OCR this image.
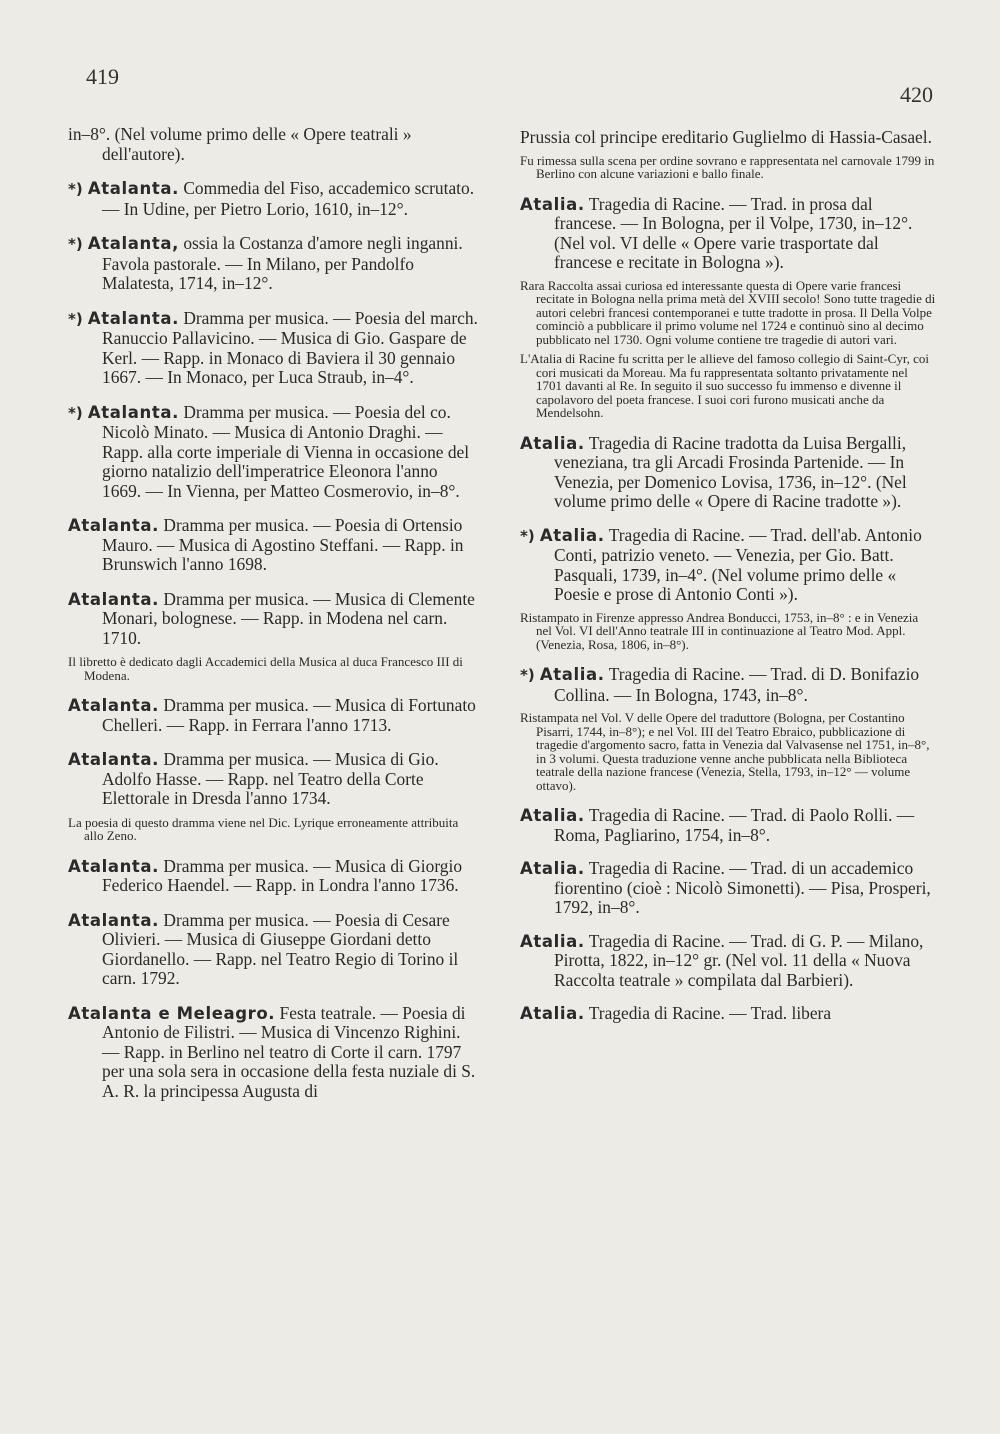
419
420
in–8°. (Nel volume primo delle « Opere teatrali » dell'autore).
*) Atalanta. Commedia del Fiso, accademico scrutato. — In Udine, per Pietro Lorio, 1610, in–12°.
*) Atalanta, ossia la Costanza d'amore negli inganni. Favola pastorale. — In Milano, per Pandolfo Malatesta, 1714, in–12°.
*) Atalanta. Dramma per musica. — Poesia del march. Ranuccio Pallavicino. — Musica di Gio. Gaspare de Kerl. — Rapp. in Monaco di Baviera il 30 gennaio 1667. — In Monaco, per Luca Straub, in–4°.
*) Atalanta. Dramma per musica. — Poesia del co. Nicolò Minato. — Musica di Antonio Draghi. — Rapp. alla corte imperiale di Vienna in occasione del giorno natalizio dell'imperatrice Eleonora l'anno 1669. — In Vienna, per Matteo Cosmerovio, in–8°.
Atalanta. Dramma per musica. — Poesia di Ortensio Mauro. — Musica di Agostino Steffani. — Rapp. in Brunswich l'anno 1698.
Atalanta. Dramma per musica. — Musica di Clemente Monari, bolognese. — Rapp. in Modena nel carn. 1710.
Il libretto è dedicato dagli Accademici della Musica al duca Francesco III di Modena.
Atalanta. Dramma per musica. — Musica di Fortunato Chelleri. — Rapp. in Ferrara l'anno 1713.
Atalanta. Dramma per musica. — Musica di Gio. Adolfo Hasse. — Rapp. nel Teatro della Corte Elettorale in Dresda l'anno 1734.
La poesia di questo dramma viene nel Dic. Lyrique erroneamente attribuita allo Zeno.
Atalanta. Dramma per musica. — Musica di Giorgio Federico Haendel. — Rapp. in Londra l'anno 1736.
Atalanta. Dramma per musica. — Poesia di Cesare Olivieri. — Musica di Giuseppe Giordani detto Giordanello. — Rapp. nel Teatro Regio di Torino il carn. 1792.
Atalanta e Meleagro. Festa teatrale. — Poesia di Antonio de Filistri. — Musica di Vincenzo Righini. — Rapp. in Berlino nel teatro di Corte il carn. 1797 per una sola sera in occasione della festa nuziale di S. A. R. la principessa Augusta di
Prussia col principe ereditario Guglielmo di Hassia-Casael.
Fu rimessa sulla scena per ordine sovrano e rappresentata nel carnovale 1799 in Berlino con alcune variazioni e ballo finale.
Atalia. Tragedia di Racine. — Trad. in prosa dal francese. — In Bologna, per il Volpe, 1730, in–12°. (Nel vol. VI delle « Opere varie trasportate dal francese e recitate in Bologna »).
Rara Raccolta assai curiosa ed interessante questa di Opere varie francesi recitate in Bologna nella prima metà del XVIII secolo! Sono tutte tragedie di autori celebri francesi contemporanei e tutte tradotte in prosa. Il Della Volpe cominciò a pubblicare il primo volume nel 1724 e continuò sino al decimo pubblicato nel 1730. Ogni volume contiene tre tragedie di autori vari.
L'Atalia di Racine fu scritta per le allieve del famoso collegio di Saint-Cyr, coi cori musicati da Moreau. Ma fu rappresentata soltanto privatamente nel 1701 davanti al Re. In seguito il suo successo fu immenso e divenne il capolavoro del poeta francese. I suoi cori furono musicati anche da Mendelsohn.
Atalia. Tragedia di Racine tradotta da Luisa Bergalli, veneziana, tra gli Arcadi Frosinda Partenide. — In Venezia, per Domenico Lovisa, 1736, in–12°. (Nel volume primo delle « Opere di Racine tradotte »).
*) Atalia. Tragedia di Racine. — Trad. dell'ab. Antonio Conti, patrizio veneto. — Venezia, per Gio. Batt. Pasquali, 1739, in–4°. (Nel volume primo delle « Poesie e prose di Antonio Conti »).
Ristampato in Firenze appresso Andrea Bonducci, 1753, in–8° : e in Venezia nel Vol. VI dell'Anno teatrale III in continuazione al Teatro Mod. Appl. (Venezia, Rosa, 1806, in–8°).
*) Atalia. Tragedia di Racine. — Trad. di D. Bonifazio Collina. — In Bologna, 1743, in–8°.
Ristampata nel Vol. V delle Opere del traduttore (Bologna, per Costantino Pisarri, 1744, in–8°); e nel Vol. III del Teatro Ebraico, pubblicazione di tragedie d'argomento sacro, fatta in Venezia dal Valvasense nel 1751, in–8°, in 3 volumi. Questa traduzione venne anche pubblicata nella Biblioteca teatrale della nazione francese (Venezia, Stella, 1793, in–12° — volume ottavo).
Atalia. Tragedia di Racine. — Trad. di Paolo Rolli. — Roma, Pagliarino, 1754, in–8°.
Atalia. Tragedia di Racine. — Trad. di un accademico fiorentino (cioè : Nicolò Simonetti). — Pisa, Prosperi, 1792, in–8°.
Atalia. Tragedia di Racine. — Trad. di G. P. — Milano, Pirotta, 1822, in–12° gr. (Nel vol. 11 della « Nuova Raccolta teatrale » compilata dal Barbieri).
Atalia. Tragedia di Racine. — Trad. libera
